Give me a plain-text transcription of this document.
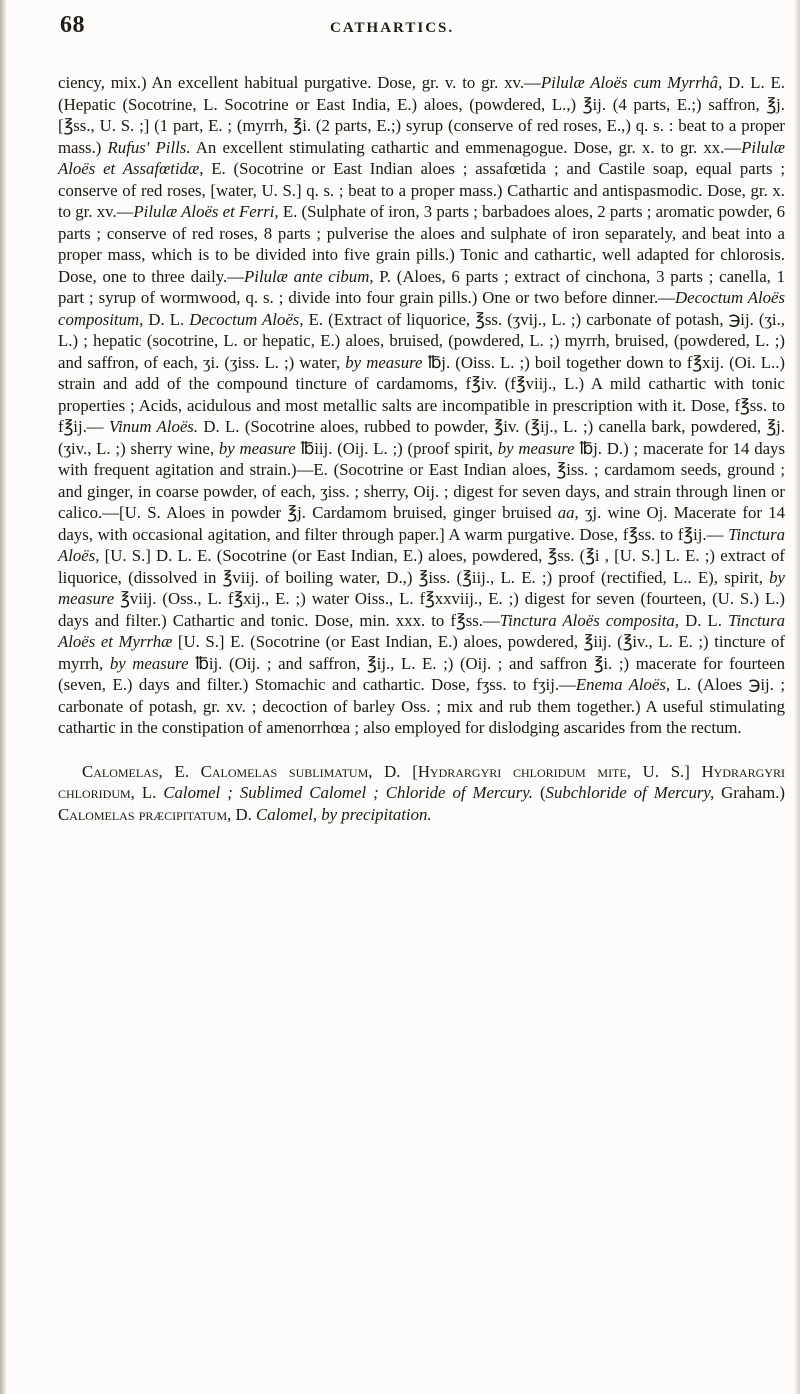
68	CATHARTICS.

ciency, mix.) An excellent habitual purgative. Dose, gr. v. to gr. xv.—Pilulæ Aloës cum Myrrhâ, D. L. E. (Hepatic (Socotrine, L. Socotrine or East India, E.) aloes, (powdered, L.,) ℥ij. (4 parts, E.;) saffron, ℥j. [℥ss., U. S. ;] (1 part, E. ; (myrrh, ℥i. (2 parts, E.;) syrup (conserve of red roses, E.,) q. s. : beat to a proper mass.) Rufus' Pills. An excellent stimulating cathartic and emmenagogue. Dose, gr. x. to gr. xx.—Pilulæ Aloës et Assafœtidæ, E. (Socotrine or East Indian aloes ; assafœtida ; and Castile soap, equal parts ; conserve of red roses, [water, U. S.] q. s. ; beat to a proper mass.) Cathartic and antispasmodic. Dose, gr. x. to gr. xv.—Pilulæ Aloës et Ferri, E. (Sulphate of iron, 3 parts ; barbadoes aloes, 2 parts ; aromatic powder, 6 parts ; conserve of red roses, 8 parts ; pulverise the aloes and sulphate of iron separately, and beat into a proper mass, which is to be divided into five grain pills.) Tonic and cathartic, well adapted for chlorosis. Dose, one to three daily.—Pilulæ ante cibum, P. (Aloes, 6 parts ; extract of cinchona, 3 parts ; canella, 1 part ; syrup of wormwood, q. s. ; divide into four grain pills.) One or two before dinner.—Decoctum Aloës compositum, D. L. Decoctum Aloës, E. (Extract of liquorice, ℥ss. (ʒvij., L. ;) carbonate of potash, ℈ij. (ʒi., L.) ; hepatic (socotrine, L. or hepatic, E.) aloes, bruised, (powdered, L. ;) myrrh, bruised, (powdered, L. ;) and saffron, of each, ʒi. (ʒiss. L. ;) water, by measure ℔j. (Oiss. L. ;) boil together down to f℥xij. (Oi. L..) strain and add of the compound tincture of cardamoms, f℥iv. (f℥viij., L.) A mild cathartic with tonic properties ; Acids, acidulous and most metallic salts are incompatible in prescription with it. Dose, f℥ss. to f℥ij.— Vinum Aloës. D. L. (Socotrine aloes, rubbed to powder, ℥iv. (℥ij., L. ;) canella bark, powdered, ℥j. (ʒiv., L. ;) sherry wine, by measure ℔iij. (Oij. L. ;) (proof spirit, by measure ℔j. D.) ; macerate for 14 days with frequent agitation and strain.)—E. (Socotrine or East Indian aloes, ℥iss. ; cardamom seeds, ground ; and ginger, in coarse powder, of each, ʒiss. ; sherry, Oij. ; digest for seven days, and strain through linen or calico.—[U. S. Aloes in powder ℥j. Cardamom bruised, ginger bruised aa, ʒj. wine Oj. Macerate for 14 days, with occasional agitation, and filter through paper.] A warm purgative. Dose, f℥ss. to f℥ij.— Tinctura Aloës, [U. S.] D. L. E. (Socotrine (or East Indian, E.) aloes, powdered, ℥ss. (℥i , [U. S.] L. E. ;) extract of liquorice, (dissolved in ℥viij. of boiling water, D.,) ℥iss. (℥iij., L. E. ;) proof (rectified, L.. E), spirit, by measure ℥viij. (Oss., L. f℥xij., E. ;) water Oiss., L. f℥xxviij., E. ;) digest for seven (fourteen, (U. S.) L.) days and filter.) Cathartic and tonic. Dose, min. xxx. to f℥ss.—Tinctura Aloës composita, D. L. Tinctura Aloës et Myrrhæ [U. S.] E. (Socotrine (or East Indian, E.) aloes, powdered, ℥iij. (℥iv., L. E. ;) tincture of myrrh, by measure ℔ij. (Oij. ; and saffron, ℥ij., L. E. ;) (Oij. ; and saffron ℥i. ;) macerate for fourteen (seven, E.) days and filter.) Stomachic and cathartic. Dose, fʒss. to fʒij.—Enema Aloës, L. (Aloes ℈ij. ; carbonate of potash, gr. xv. ; decoction of barley Oss. ; mix and rub them together.) A useful stimulating cathartic in the constipation of amenorrhœa ; also employed for dislodging ascarides from the rectum.

Calomelas, E. Calomelas sublimatum, D. [Hydrargyri chloridum mite, U. S.] Hydrargyri chloridum, L. Calomel ; Sublimed Calomel ; Chloride of Mercury. (Subchloride of Mercury, Graham.) Calomelas præcipitatum, D. Calomel, by precipitation.
